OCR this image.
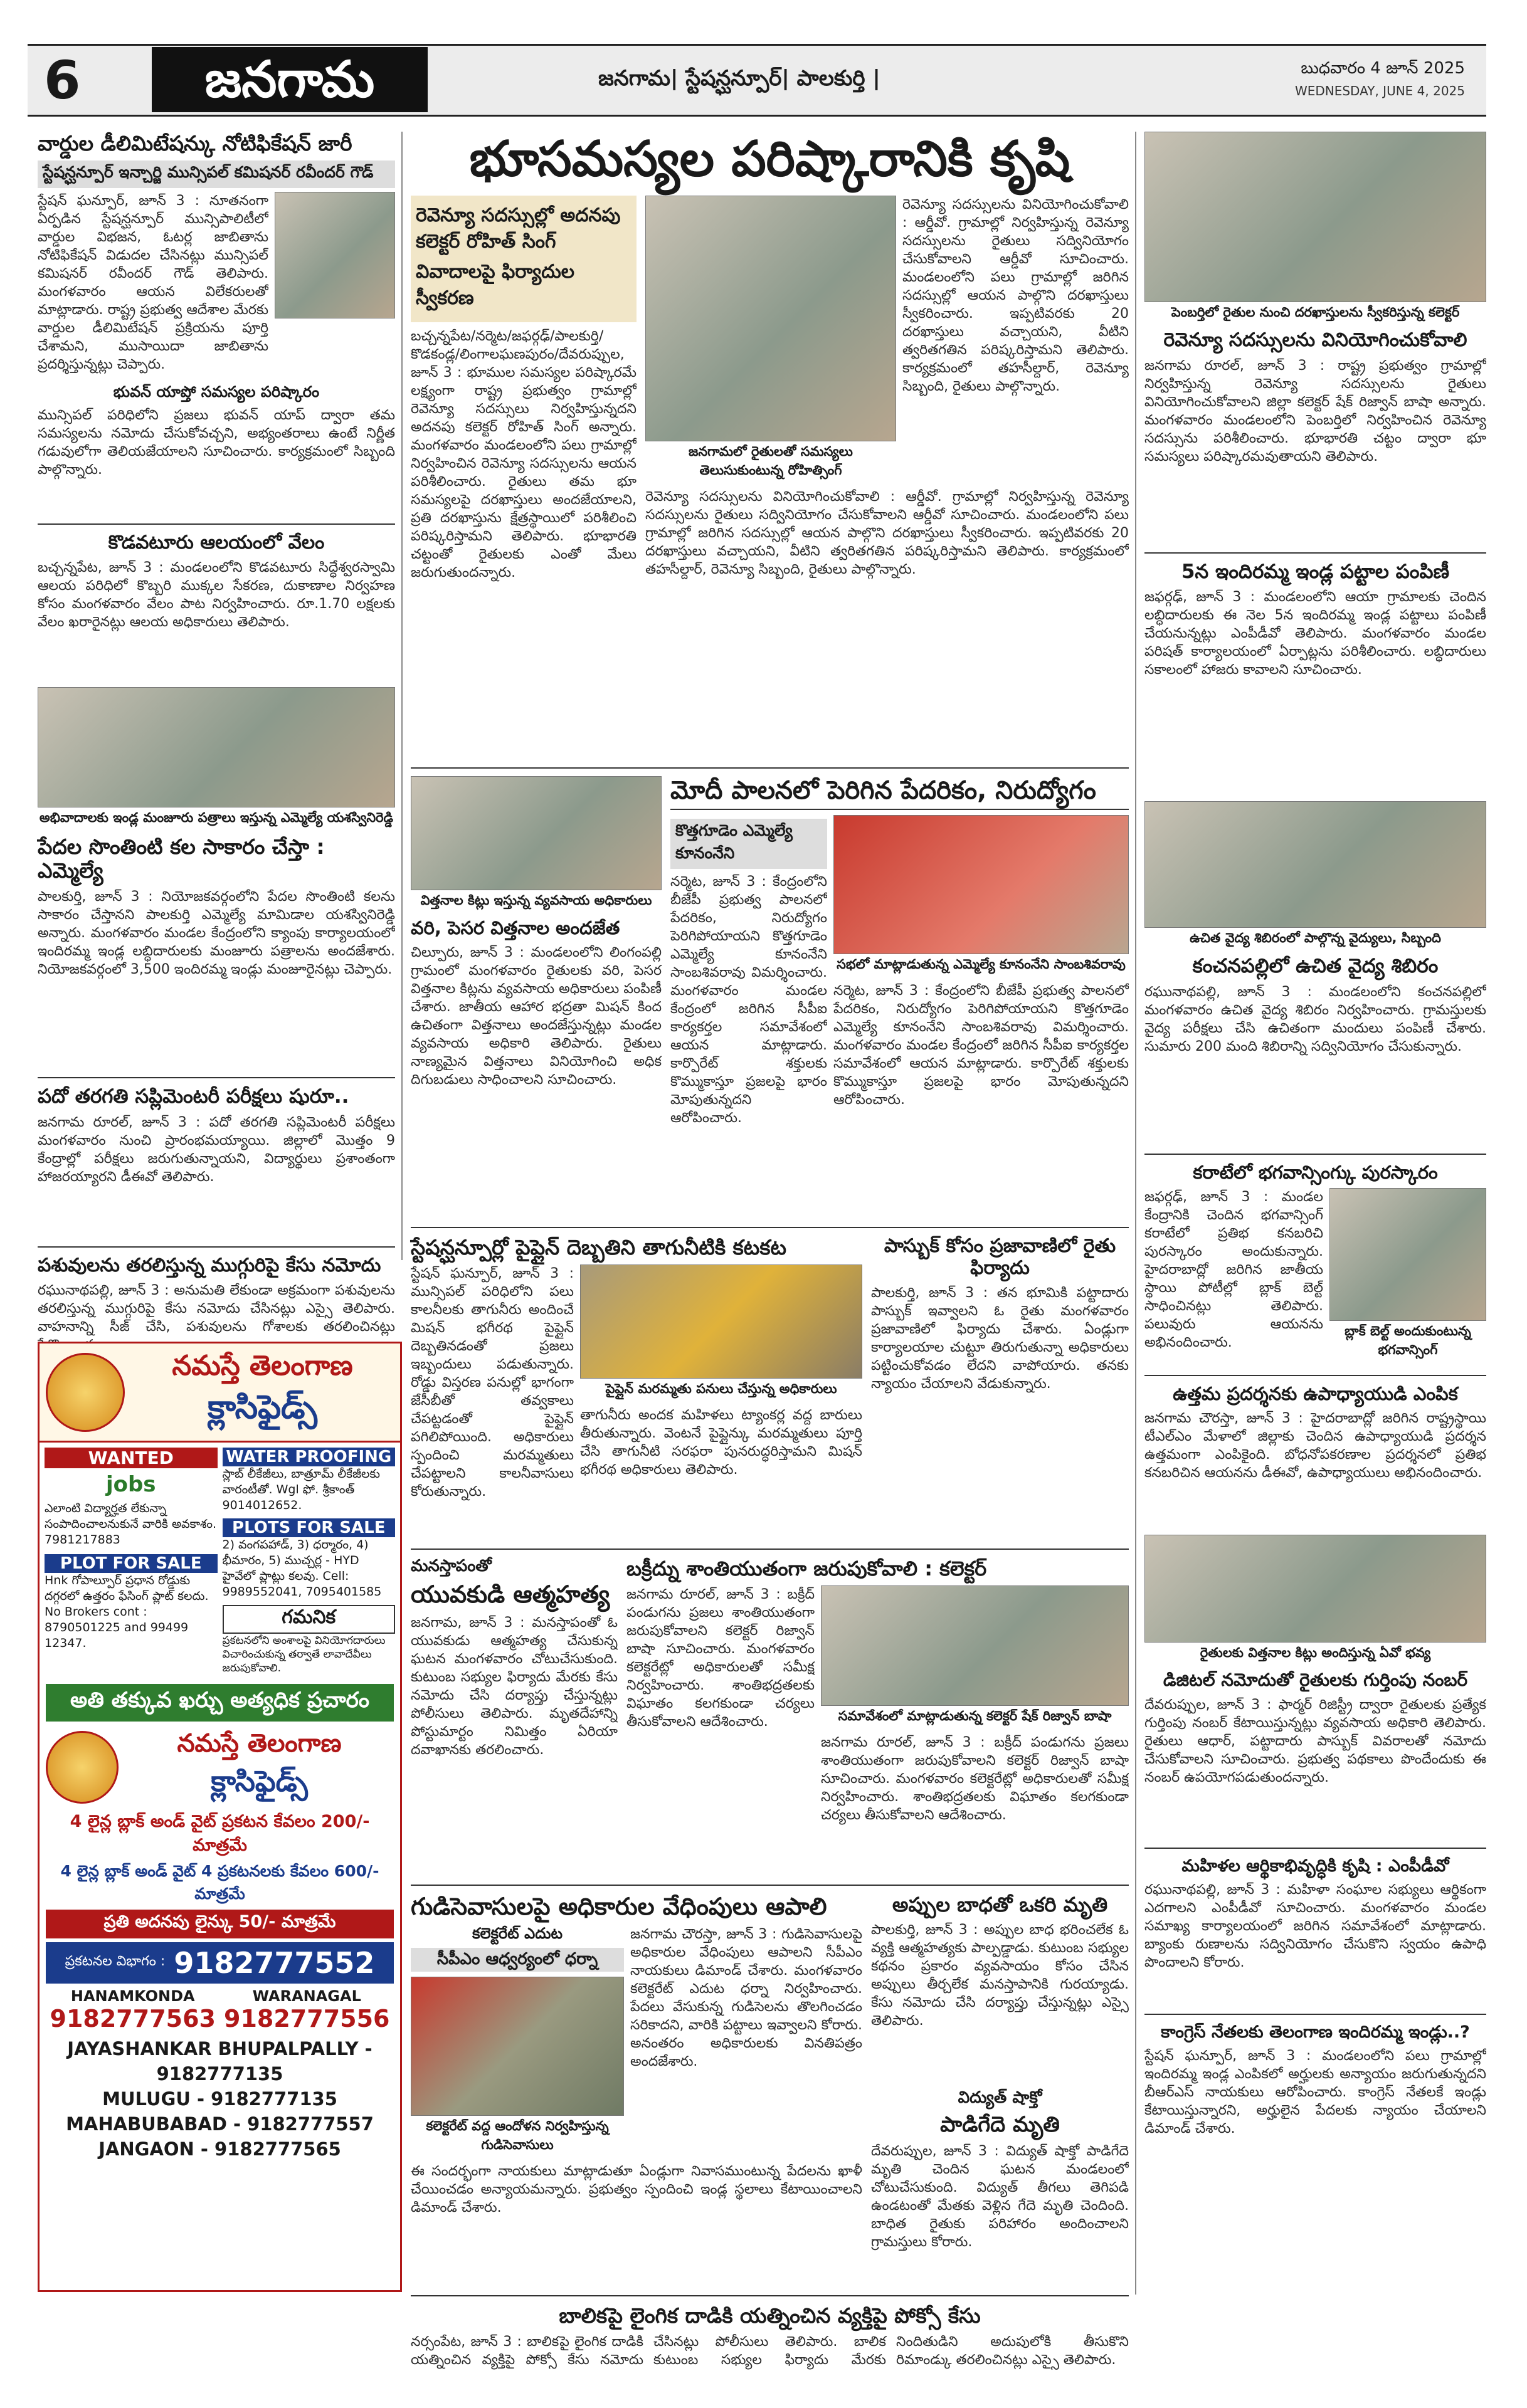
6	జనగామ	జనగామ| స్టేషన్ఘన్పూర్| పాలకుర్తి |	బుధవారం 4 జూన్ 2025
WEDNESDAY, JUNE 4, 2025
వార్డుల డీలిమిటేషన్కు నోటిఫికేషన్ జారీ
స్టేషన్ఘన్పూర్ ఇన్చార్జి మున్సిపల్ కమిషనర్ రవీందర్ గౌడ్

స్టేషన్ ఘన్పూర్, జూన్ 3 : నూతనంగా ఏర్పడిన స్టేషన్ఘన్పూర్ మున్సిపాలిటీలో వార్డుల విభజన, ఓటర్ల జాబితాను నోటిఫికేషన్ విడుదల చేసినట్లు మున్సిపల్ కమిషనర్ రవీందర్ గౌడ్ తెలిపారు. మంగళవారం ఆయన విలేకరులతో మాట్లాడారు. రాష్ట్ర ప్రభుత్వ ఆదేశాల మేరకు వార్డుల డీలిమిటేషన్ ప్రక్రియను పూర్తి చేశామని, ముసాయిదా జాబితాను ప్రదర్శిస్తున్నట్లు చెప్పారు.

భువన్ యాప్తో సమస్యల పరిష్కారం

మున్సిపల్ పరిధిలోని ప్రజలు భువన్ యాప్ ద్వారా తమ సమస్యలను నమోదు చేసుకోవచ్చని, అభ్యంతరాలు ఉంటే నిర్ణీత గడువులోగా తెలియజేయాలని సూచించారు. కార్యక్రమంలో సిబ్బంది పాల్గొన్నారు.

కొడవటూరు ఆలయంలో వేలం

బచ్చన్నపేట, జూన్ 3 : మండలంలోని కొడవటూరు సిద్ధేశ్వరస్వామి ఆలయ పరిధిలో కొబ్బరి ముక్కల సేకరణ, దుకాణాల నిర్వహణ కోసం మంగళవారం వేలం పాట నిర్వహించారు. రూ.1.70 లక్షలకు వేలం ఖరారైనట్లు ఆలయ అధికారులు తెలిపారు.

అభివాదాలకు ఇండ్ల మంజూరు పత్రాలు ఇస్తున్న ఎమ్మెల్యే యశస్వినిరెడ్డి
పేదల సొంతింటి కల సాకారం చేస్తా : ఎమ్మెల్యే

పాలకుర్తి, జూన్ 3 : నియోజకవర్గంలోని పేదల సొంతింటి కలను సాకారం చేస్తానని పాలకుర్తి ఎమ్మెల్యే మామిడాల యశస్వినిరెడ్డి అన్నారు. మంగళవారం మండల కేంద్రంలోని క్యాంపు కార్యాలయంలో ఇందిరమ్మ ఇండ్ల లబ్ధిదారులకు మంజూరు పత్రాలను అందజేశారు. నియోజకవర్గంలో 3,500 ఇందిరమ్మ ఇండ్లు మంజూరైనట్లు చెప్పారు.

పదో తరగతి సప్లిమెంటరీ పరీక్షలు షురూ..

జనగామ రూరల్, జూన్ 3 : పదో తరగతి సప్లిమెంటరీ పరీక్షలు మంగళవారం నుంచి ప్రారంభమయ్యాయి. జిల్లాలో మొత్తం 9 కేంద్రాల్లో పరీక్షలు జరుగుతున్నాయని, విద్యార్థులు ప్రశాంతంగా హాజరయ్యారని డీఈవో తెలిపారు.

పశువులను తరలిస్తున్న ముగ్గురిపై కేసు నమోదు

రఘునాథపల్లి, జూన్ 3 : అనుమతి లేకుండా అక్రమంగా పశువులను తరలిస్తున్న ముగ్గురిపై కేసు నమోదు చేసినట్లు ఎస్సై తెలిపారు. వాహనాన్ని సీజ్ చేసి, పశువులను గోశాలకు తరలించినట్లు

నమస్తే తెలంగాణ
క్లాసిఫైడ్స్
WANTED
jobs
ఎలాంటి విద్యార్హత లేకున్నా సంపాదించాలనుకునే వారికి అవకాశం. 7981217883
PLOT FOR SALE
Hnk గోపాల్పూర్ ప్రధాన రోడ్డుకు దగ్గరలో ఉత్తరం ఫేసింగ్ ప్లాట్ కలదు. No Brokers cont : 8790501225 and 99499 12347.
WATER PROOFING
స్లాబ్ లీకేజీలు, బాత్రూమ్ లీకేజీలకు వారంటీతో. Wgl ఫో. శ్రీకాంత్ 9014012652.
PLOTS FOR SALE
2) వంగపహాడ్, 3) ధర్మారం, 4) భీమారం, 5) ముచ్చర్ల - HYD హైవేలో ప్లాట్లు కలవు. Cell: 9989552041, 7095401585
గమనిక
ప్రకటనలోని అంశాలపై వినియోగదారులు విచారించుకున్న తర్వాతే లావాదేవీలు జరుపుకోవాలి.
అతి తక్కువ ఖర్చు అత్యధిక ప్రచారం
నమస్తే తెలంగాణ
క్లాసిఫైడ్స్
4 లైన్ల బ్లాక్ అండ్ వైట్ ప్రకటన కేవలం 200/- మాత్రమే
4 లైన్ల బ్లాక్ అండ్ వైట్ 4 ప్రకటనలకు కేవలం 600/- మాత్రమే
ప్రతి అదనపు లైన్కు 50/- మాత్రమే
ప్రకటనల విభాగం : 9182777552
HANAMKONDA
9182777563
WARANAGAL
9182777556
JAYASHANKAR BHUPALPALLY - 9182777135
MULUGU - 9182777135
MAHABUBABAD - 9182777557
JANGAON - 9182777565
భూసమస్యల పరిష్కారానికి కృషి
రెవెన్యూ సదస్సుల్లో అదనపు కలెక్టర్ రోహిత్ సింగ్
వివాదాలపై ఫిర్యాదుల స్వీకరణ

బచ్చన్నపేట/నర్మెట/జఫర్గఢ్/పాలకుర్తి/కొడకండ్ల/లింగాలఘణపురం/దేవరుప్పుల, జూన్ 3 : భూముల సమస్యల పరిష్కారమే లక్ష్యంగా రాష్ట్ర ప్రభుత్వం గ్రామాల్లో రెవెన్యూ సదస్సులు నిర్వహిస్తున్నదని అదనపు కలెక్టర్ రోహిత్ సింగ్ అన్నారు. మంగళవారం మండలంలోని పలు గ్రామాల్లో నిర్వహించిన రెవెన్యూ సదస్సులను ఆయన పరిశీలించారు. రైతులు తమ భూ సమస్యలపై దరఖాస్తులు అందజేయాలని, ప్రతి దరఖాస్తును క్షేత్రస్థాయిలో పరిశీలించి పరిష్కరిస్తామని తెలిపారు. భూభారతి చట్టంతో రైతులకు ఎంతో మేలు జరుగుతుందన్నారు.

జనగామలో రైతులతో సమస్యలు తెలుసుకుంటున్న రోహిత్సింగ్

రెవెన్యూ సదస్సులను వినియోగించుకోవాలి : ఆర్డీవో. గ్రామాల్లో నిర్వహిస్తున్న రెవెన్యూ సదస్సులను రైతులు సద్వినియోగం చేసుకోవాలని ఆర్డీవో సూచించారు. మండలంలోని పలు గ్రామాల్లో జరిగిన సదస్సుల్లో ఆయన పాల్గొని దరఖాస్తులు స్వీకరించారు. ఇప్పటివరకు 20 దరఖాస్తులు వచ్చాయని, వీటిని త్వరితగతిన పరిష్కరిస్తామని తెలిపారు. కార్యక్రమంలో తహసీల్దార్, రెవెన్యూ సిబ్బంది, రైతులు పాల్గొన్నారు.

రెవెన్యూ సదస్సులను వినియోగించుకోవాలి : ఆర్డీవో. గ్రామాల్లో నిర్వహిస్తున్న రెవెన్యూ సదస్సులను రైతులు సద్వినియోగం చేసుకోవాలని ఆర్డీవో సూచించారు. మండలంలోని పలు గ్రామాల్లో జరిగిన సదస్సుల్లో ఆయన పాల్గొని దరఖాస్తులు స్వీకరించారు. ఇప్పటివరకు 20 దరఖాస్తులు వచ్చాయని, వీటిని త్వరితగతిన పరిష్కరిస్తామని తెలిపారు. కార్యక్రమంలో తహసీల్దార్, రెవెన్యూ సిబ్బంది, రైతులు పాల్గొన్నారు.

విత్తనాల కిట్లు ఇస్తున్న వ్యవసాయ అధికారులు
వరి, పెసర విత్తనాల అందజేత

చిల్పూరు, జూన్ 3 : మండలంలోని లింగంపల్లి గ్రామంలో మంగళవారం రైతులకు వరి, పెసర విత్తనాల కిట్లను వ్యవసాయ అధికారులు పంపిణీ చేశారు. జాతీయ ఆహార భద్రతా మిషన్ కింద ఉచితంగా విత్తనాలు అందజేస్తున్నట్లు మండల వ్యవసాయ అధికారి తెలిపారు. రైతులు నాణ్యమైన విత్తనాలు వినియోగించి అధిక దిగుబడులు సాధించాలని సూచించారు.

మోదీ పాలనలో పెరిగిన పేదరికం, నిరుద్యోగం
కొత్తగూడెం ఎమ్మెల్యే కూనంనేని

నర్మెట, జూన్ 3 : కేంద్రంలోని బీజేపీ ప్రభుత్వ పాలనలో పేదరికం, నిరుద్యోగం పెరిగిపోయాయని కొత్తగూడెం ఎమ్మెల్యే కూనంనేని సాంబశివరావు విమర్శించారు. మంగళవారం మండల కేంద్రంలో జరిగిన సీపీఐ కార్యకర్తల సమావేశంలో ఆయన మాట్లాడారు. కార్పొరేట్ శక్తులకు కొమ్ముకాస్తూ ప్రజలపై భారం మోపుతున్నదని ఆరోపించారు.

సభలో మాట్లాడుతున్న ఎమ్మెల్యే కూనంనేని సాంబశివరావు

నర్మెట, జూన్ 3 : కేంద్రంలోని బీజేపీ ప్రభుత్వ పాలనలో పేదరికం, నిరుద్యోగం పెరిగిపోయాయని కొత్తగూడెం ఎమ్మెల్యే కూనంనేని సాంబశివరావు విమర్శించారు. మంగళవారం మండల కేంద్రంలో జరిగిన సీపీఐ కార్యకర్తల సమావేశంలో ఆయన మాట్లాడారు. కార్పొరేట్ శక్తులకు కొమ్ముకాస్తూ ప్రజలపై భారం మోపుతున్నదని ఆరోపించారు.

స్టేషన్ఘన్పూర్లో పైప్లైన్ దెబ్బతిని తాగునీటికి కటకట

స్టేషన్ ఘన్పూర్, జూన్ 3 : మున్సిపల్ పరిధిలోని పలు కాలనీలకు తాగునీరు అందించే మిషన్ భగీరథ పైప్లైన్ దెబ్బతినడంతో ప్రజలు ఇబ్బందులు పడుతున్నారు. రోడ్డు విస్తరణ పనుల్లో భాగంగా జేసీబీతో తవ్వకాలు చేపట్టడంతో పైప్లైన్ పగిలిపోయింది. అధికారులు స్పందించి మరమ్మతులు చేపట్టాలని కాలనీవాసులు కోరుతున్నారు.

పైప్లైన్ మరమ్మతు పనులు చేస్తున్న అధికారులు

తాగునీరు అందక మహిళలు ట్యాంకర్ల వద్ద బారులు తీరుతున్నారు. వెంటనే పైప్లైన్కు మరమ్మతులు పూర్తి చేసి తాగునీటి సరఫరా పునరుద్ధరిస్తామని మిషన్ భగీరథ అధికారులు తెలిపారు.

పాస్బుక్ కోసం ప్రజావాణిలో రైతు ఫిర్యాదు

పాలకుర్తి, జూన్ 3 : తన భూమికి పట్టాదారు పాస్బుక్ ఇవ్వాలని ఓ రైతు మంగళవారం ప్రజావాణిలో ఫిర్యాదు చేశారు. ఏండ్లుగా కార్యాలయాల చుట్టూ తిరుగుతున్నా అధికారులు పట్టించుకోవడం లేదని వాపోయారు. తనకు న్యాయం చేయాలని వేడుకున్నారు.

మనస్తాపంతో
యువకుడి ఆత్మహత్య

జనగామ, జూన్ 3 : మనస్తాపంతో ఓ యువకుడు ఆత్మహత్య చేసుకున్న ఘటన మంగళవారం చోటుచేసుకుంది. కుటుంబ సభ్యుల ఫిర్యాదు మేరకు కేసు నమోదు చేసి దర్యాప్తు చేస్తున్నట్లు పోలీసులు తెలిపారు. మృతదేహాన్ని పోస్టుమార్టం నిమిత్తం ఏరియా దవాఖానకు తరలించారు.

బక్రీద్ను శాంతియుతంగా జరుపుకోవాలి : కలెక్టర్

జనగామ రూరల్, జూన్ 3 : బక్రీద్ పండుగను ప్రజలు శాంతియుతంగా జరుపుకోవాలని కలెక్టర్ రిజ్వాన్ బాషా సూచించారు. మంగళవారం కలెక్టరేట్లో అధికారులతో సమీక్ష నిర్వహించారు. శాంతిభద్రతలకు విఘాతం కలగకుండా చర్యలు తీసుకోవాలని ఆదేశించారు.	సమావేశంలో మాట్లాడుతున్న కలెక్టర్ షేక్ రిజ్వాన్ బాషా

జనగామ రూరల్, జూన్ 3 : బక్రీద్ పండుగను ప్రజలు శాంతియుతంగా జరుపుకోవాలని కలెక్టర్ రిజ్వాన్ బాషా సూచించారు. మంగళవారం కలెక్టరేట్లో అధికారులతో సమీక్ష నిర్వహించారు. శాంతిభద్రతలకు విఘాతం కలగకుండా చర్యలు తీసుకోవాలని ఆదేశించారు.

గుడిసెవాసులపై అధికారుల వేధింపులు ఆపాలి
కలెక్టరేట్ ఎదుట
సీపీఎం ఆధ్వర్యంలో ధర్నా
కలెక్టరేట్ వద్ద ఆందోళన నిర్వహిస్తున్న గుడిసెవాసులు

జనగామ చౌరస్తా, జూన్ 3 : గుడిసెవాసులపై అధికారుల వేధింపులు ఆపాలని సీపీఎం నాయకులు డిమాండ్ చేశారు. మంగళవారం కలెక్టరేట్ ఎదుట ధర్నా నిర్వహించారు. పేదలు వేసుకున్న గుడిసెలను తొలగించడం సరికాదని, వారికి పట్టాలు ఇవ్వాలని కోరారు. అనంతరం అధికారులకు వినతిపత్రం అందజేశారు.

ఈ సందర్భంగా నాయకులు మాట్లాడుతూ ఏండ్లుగా నివాసముంటున్న పేదలను ఖాళీ చేయించడం అన్యాయమన్నారు. ప్రభుత్వం స్పందించి ఇండ్ల స్థలాలు కేటాయించాలని డిమాండ్ చేశారు.

అప్పుల బాధతో ఒకరి మృతి

పాలకుర్తి, జూన్ 3 : అప్పుల బాధ భరించలేక ఓ వ్యక్తి ఆత్మహత్యకు పాల్పడ్డాడు. కుటుంబ సభ్యుల కథనం ప్రకారం వ్యవసాయం కోసం చేసిన అప్పులు తీర్చలేక మనస్తాపానికి గురయ్యాడు. కేసు నమోదు చేసి దర్యాప్తు చేస్తున్నట్లు ఎస్సై తెలిపారు.

విద్యుత్ షాక్తో
పాడిగేదె మృతి

దేవరుప్పుల, జూన్ 3 : విద్యుత్ షాక్తో పాడిగేదె మృతి చెందిన ఘటన మండలంలో చోటుచేసుకుంది. విద్యుత్ తీగలు తెగిపడి ఉండటంతో మేతకు వెళ్లిన గేదె మృతి చెందింది. బాధిత రైతుకు పరిహారం అందించాలని గ్రామస్తులు కోరారు.

బాలికపై లైంగిక దాడికి యత్నించిన వ్యక్తిపై పోక్సో కేసు

నర్సంపేట, జూన్ 3 : బాలికపై లైంగిక దాడికి యత్నించిన వ్యక్తిపై పోక్సో కేసు నమోదు చేసినట్లు పోలీసులు తెలిపారు. బాలిక కుటుంబ సభ్యుల ఫిర్యాదు మేరకు నిందితుడిని అదుపులోకి తీసుకొని రిమాండ్కు తరలించినట్లు ఎస్సై తెలిపారు.

పెంబర్తిలో రైతుల నుంచి దరఖాస్తులను స్వీకరిస్తున్న కలెక్టర్
రెవెన్యూ సదస్సులను వినియోగించుకోవాలి

జనగామ రూరల్, జూన్ 3 : రాష్ట్ర ప్రభుత్వం గ్రామాల్లో నిర్వహిస్తున్న రెవెన్యూ సదస్సులను రైతులు వినియోగించుకోవాలని జిల్లా కలెక్టర్ షేక్ రిజ్వాన్ బాషా అన్నారు. మంగళవారం మండలంలోని పెంబర్తిలో నిర్వహించిన రెవెన్యూ సదస్సును పరిశీలించారు. భూభారతి చట్టం ద్వారా భూ సమస్యలు పరిష్కారమవుతాయని తెలిపారు.

5న ఇందిరమ్మ ఇండ్ల పట్టాల పంపిణీ

జఫర్గఢ్, జూన్ 3 : మండలంలోని ఆయా గ్రామాలకు చెందిన లబ్ధిదారులకు ఈ నెల 5న ఇందిరమ్మ ఇండ్ల పట్టాలు పంపిణీ చేయనున్నట్లు ఎంపీడీవో తెలిపారు. మంగళవారం మండల పరిషత్ కార్యాలయంలో ఏర్పాట్లను పరిశీలించారు. లబ్ధిదారులు సకాలంలో హాజరు కావాలని సూచించారు.

ఉచిత వైద్య శిబిరంలో పాల్గొన్న వైద్యులు, సిబ్బంది
కంచనపల్లిలో ఉచిత వైద్య శిబిరం

రఘునాథపల్లి, జూన్ 3 : మండలంలోని కంచనపల్లిలో మంగళవారం ఉచిత వైద్య శిబిరం నిర్వహించారు. గ్రామస్తులకు వైద్య పరీక్షలు చేసి ఉచితంగా మందులు పంపిణీ చేశారు. సుమారు 200 మంది శిబిరాన్ని సద్వినియోగం చేసుకున్నారు.

కరాటేలో భగవాన్సింగ్కు పురస్కారం

జఫర్గఢ్, జూన్ 3 : మండల కేంద్రానికి చెందిన భగవాన్సింగ్ కరాటేలో ప్రతిభ కనబరిచి పురస్కారం అందుకున్నారు. హైదరాబాద్లో జరిగిన జాతీయ స్థాయి పోటీల్లో బ్లాక్ బెల్ట్ సాధించినట్లు తెలిపారు. పలువురు ఆయనను అభినందించారు.

బ్లాక్ బెల్ట్ అందుకుంటున్న భగవాన్సింగ్
ఉత్తమ ప్రదర్శనకు ఉపాధ్యాయుడి ఎంపిక

జనగామ చౌరస్తా, జూన్ 3 : హైదరాబాద్లో జరిగిన రాష్ట్రస్థాయి టీఎల్ఎం మేళాలో జిల్లాకు చెందిన ఉపాధ్యాయుడి ప్రదర్శన ఉత్తమంగా ఎంపికైంది. బోధనోపకరణాల ప్రదర్శనలో ప్రతిభ కనబరిచిన ఆయనను డీఈవో, ఉపాధ్యాయులు అభినందించారు.

రైతులకు విత్తనాల కిట్లు అందిస్తున్న ఏవో భవ్య
డిజిటల్ నమోదుతో రైతులకు గుర్తింపు నంబర్

దేవరుప్పుల, జూన్ 3 : ఫార్మర్ రిజిస్ట్రీ ద్వారా రైతులకు ప్రత్యేక గుర్తింపు నంబర్ కేటాయిస్తున్నట్లు వ్యవసాయ అధికారి తెలిపారు. రైతులు ఆధార్, పట్టాదారు పాస్బుక్ వివరాలతో నమోదు చేసుకోవాలని సూచించారు. ప్రభుత్వ పథకాలు పొందేందుకు ఈ నంబర్ ఉపయోగపడుతుందన్నారు.

మహిళల ఆర్థికాభివృద్ధికి కృషి : ఎంపీడీవో

రఘునాథపల్లి, జూన్ 3 : మహిళా సంఘాల సభ్యులు ఆర్థికంగా ఎదగాలని ఎంపీడీవో సూచించారు. మంగళవారం మండల సమాఖ్య కార్యాలయంలో జరిగిన సమావేశంలో మాట్లాడారు. బ్యాంకు రుణాలను సద్వినియోగం చేసుకొని స్వయం ఉపాధి పొందాలని కోరారు.

కాంగ్రెస్ నేతలకు తెలంగాణ ఇందిరమ్మ ఇండ్లు..?

స్టేషన్ ఘన్పూర్, జూన్ 3 : మండలంలోని పలు గ్రామాల్లో ఇందిరమ్మ ఇండ్ల ఎంపికలో అర్హులకు అన్యాయం జరుగుతున్నదని బీఆర్ఎస్ నాయకులు ఆరోపించారు. కాంగ్రెస్ నేతలకే ఇండ్లు కేటాయిస్తున్నారని, అర్హులైన పేదలకు న్యాయం చేయాలని డిమాండ్ చేశారు.
